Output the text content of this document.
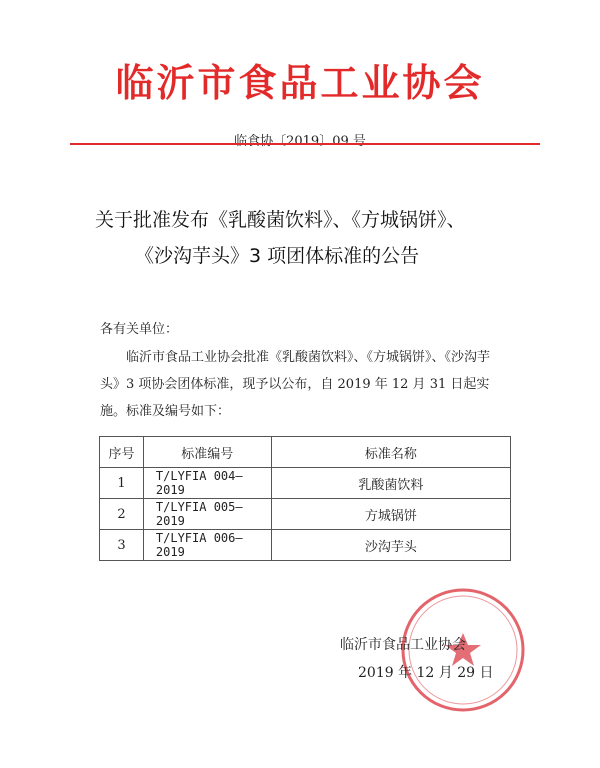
临沂市食品工业协会
临食协〔2019〕09 号
关于批准发布《乳酸菌饮料》、《方城锅饼》、
《沙沟芋头》3 项团体标准的公告
各有关单位：
临沂市食品工业协会批准《乳酸菌饮料》、《方城锅饼》、《沙沟芋头》3 项协会团体标准，现予以公布，自 2019 年 12 月 31 日起实施。标准及编号如下：
序号	标准编号	标准名称
1	T/LYFIA 004—2019	乳酸菌饮料
2	T/LYFIA 005—2019	方城锅饼
3	T/LYFIA 006—2019	沙沟芋头
临沂市食品工业协会
2019 年 12 月 29 日
